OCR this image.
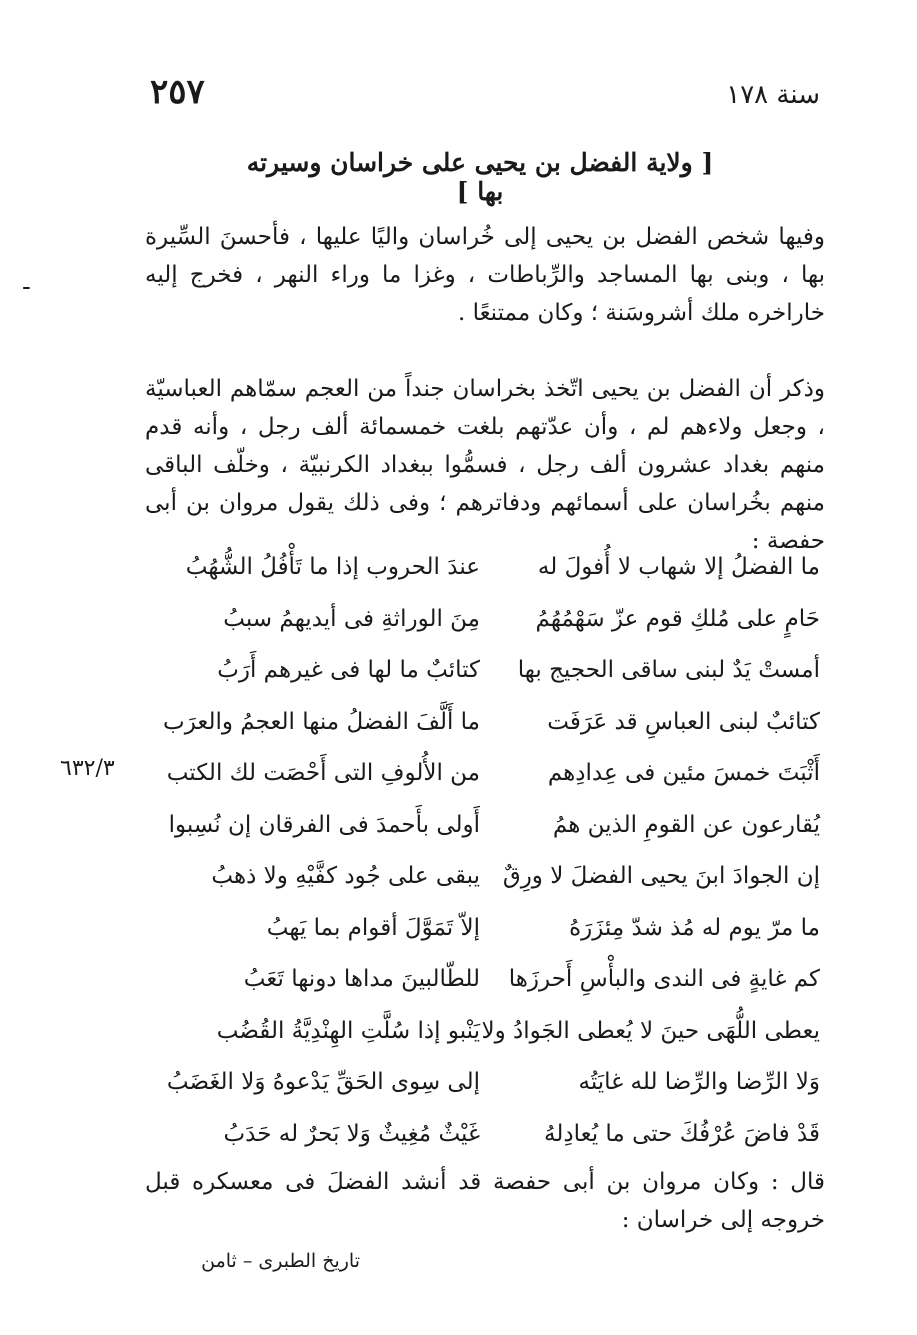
٢٥٧	سنة ١٧٨
[ ولاية الفضل بن يحيى على خراسان وسيرته بها ]
-
وفيها شخص الفضل بن يحيى إلى خُراسان واليًا عليها ، فأحسنَ السِّيرة بها ، وبنى بها المساجد والرِّباطات ، وغزا ما وراء النهر ، فخرج إليه خاراخره ملك أشروسَنة ؛ وكان ممتنعًا .
وذكر أن الفضل بن يحيى اتّخذ بخراسان جنداً من العجم سمّاهم العباسيّة ، وجعل ولاءهم لم ، وأن عدّتهم بلغت خمسمائة ألف رجل ، وأنه قدم منهم بغداد عشرون ألف رجل ، فسمُّوا ببغداد الكرنبيّة ، وخلّف الباقى منهم بخُراسان على أسمائهم ودفاترهم ؛ وفى ذلك يقول مروان بن أبى حفصة :
ما الفضلُ إلا شهاب لا أُفولَ له
عندَ الحروب إذا ما تَأْفُلُ الشُّهُبُ
حَامٍ على مُلكِ قوم عزّ سَهْمُهُمُ
مِنَ الوراثةِ فى أيديهمُ سببُ
أمستْ يَدٌ لبنى ساقى الحجيج بها
كتائبٌ ما لها فى غيرهم أَرَبُ
كتائبٌ لبنى العباسِ قد عَرَفَت
ما أَلَّفَ الفضلُ منها العجمُ والعرَب
أَثْبَتَ خمسَ مئين فى عِدادِهم
من الأُلوفِ التى أَحْصَت لك الكتب
يُقارعون عن القومِ الذين همُ
أَولى بأَحمدَ فى الفرقان إن نُسِبوا
إن الجوادَ ابنَ يحيى الفضلَ لا ورِقٌ
يبقى على جُود كفَّيْهِ ولا ذهبُ
ما مرّ يوم له مُذ شدّ مِئزَرَهُ
إلاّ تَمَوَّلَ أقوام بما يَهبُ
كم غايةٍ فى الندى والبأْسِ أَحرزَها
للطّالبينَ مداها دونها تَعَبُ
يعطى اللُّهَى حينَ لا يُعطى الجَوادُ ولا
يَنْبو إذا سُلَّتِ الهِنْدِيَّةُ القُضُب
وَلا الرِّضا والرِّضا لله غايَتُه
إلى سِوى الحَقِّ يَدْعوهُ وَلا الغَضَبُ
قَدْ فاضَ عُرْفُكَ حتى ما يُعادِلهُ
غَيْثٌ مُغِيثٌ وَلا بَحرٌ له حَدَبُ
٦٣٢/٣
قال : وكان مروان بن أبى حفصة قد أنشد الفضلَ فى معسكره قبل خروجه إلى خراسان :
تاريخ الطبرى – ثامن
